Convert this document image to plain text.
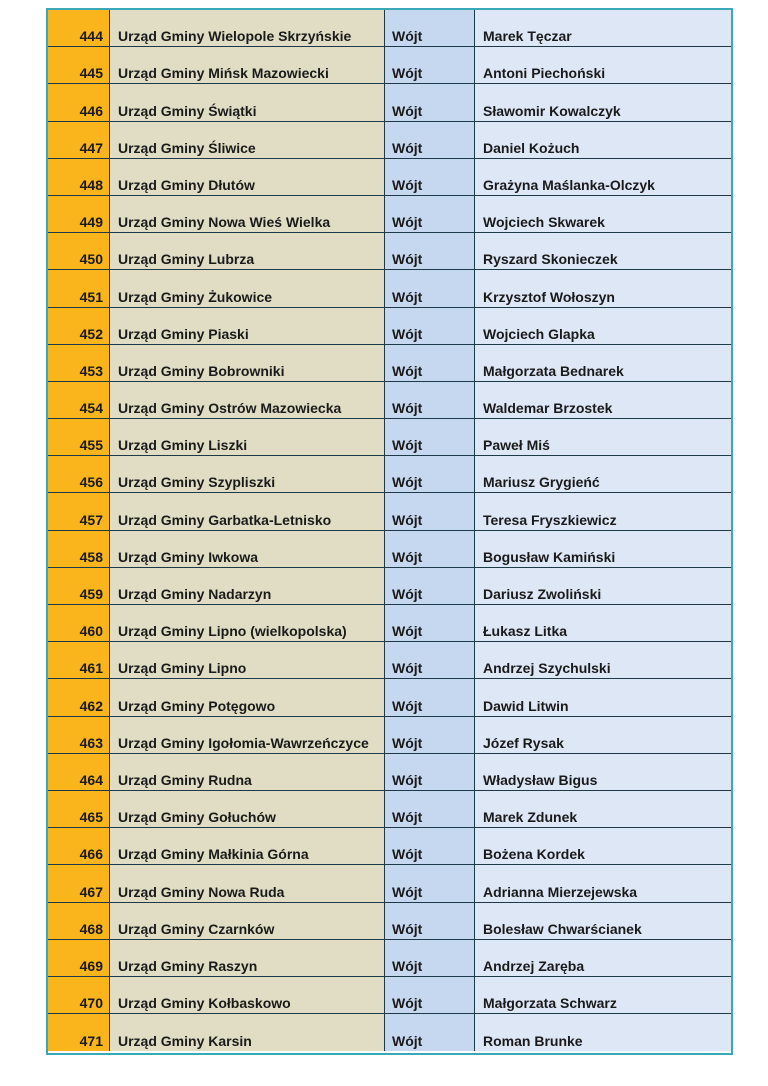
444	Urząd Gminy Wielopole Skrzyńskie	Wójt	Marek Tęczar
445	Urząd Gminy Mińsk Mazowiecki	Wójt	Antoni Piechoński
446	Urząd Gminy Świątki	Wójt	Sławomir Kowalczyk
447	Urząd Gminy Śliwice	Wójt	Daniel Kożuch
448	Urząd Gminy Dłutów	Wójt	Grażyna Maślanka-Olczyk
449	Urząd Gminy Nowa Wieś Wielka	Wójt	Wojciech Skwarek
450	Urząd Gminy Lubrza	Wójt	Ryszard Skonieczek
451	Urząd Gminy Żukowice	Wójt	Krzysztof Wołoszyn
452	Urząd Gminy Piaski	Wójt	Wojciech Glapka
453	Urząd Gminy Bobrowniki	Wójt	Małgorzata Bednarek
454	Urząd Gminy Ostrów Mazowiecka	Wójt	Waldemar Brzostek
455	Urząd Gminy Liszki	Wójt	Paweł Miś
456	Urząd Gminy Szypliszki	Wójt	Mariusz Grygieńć
457	Urząd Gminy Garbatka-Letnisko	Wójt	Teresa Fryszkiewicz
458	Urząd Gminy Iwkowa	Wójt	Bogusław Kamiński
459	Urząd Gminy Nadarzyn	Wójt	Dariusz Zwoliński
460	Urząd Gminy Lipno (wielkopolska)	Wójt	Łukasz Litka
461	Urząd Gminy Lipno	Wójt	Andrzej Szychulski
462	Urząd Gminy Potęgowo	Wójt	Dawid Litwin
463	Urząd Gminy Igołomia-Wawrzeńczyce	Wójt	Józef Rysak
464	Urząd Gminy Rudna	Wójt	Władysław Bigus
465	Urząd Gminy Gołuchów	Wójt	Marek Zdunek
466	Urząd Gminy Małkinia Górna	Wójt	Bożena Kordek
467	Urząd Gminy Nowa Ruda	Wójt	Adrianna Mierzejewska
468	Urząd Gminy Czarnków	Wójt	Bolesław Chwarścianek
469	Urząd Gminy Raszyn	Wójt	Andrzej Zaręba
470	Urząd Gminy Kołbaskowo	Wójt	Małgorzata Schwarz
471	Urząd Gminy Karsin	Wójt	Roman Brunke
